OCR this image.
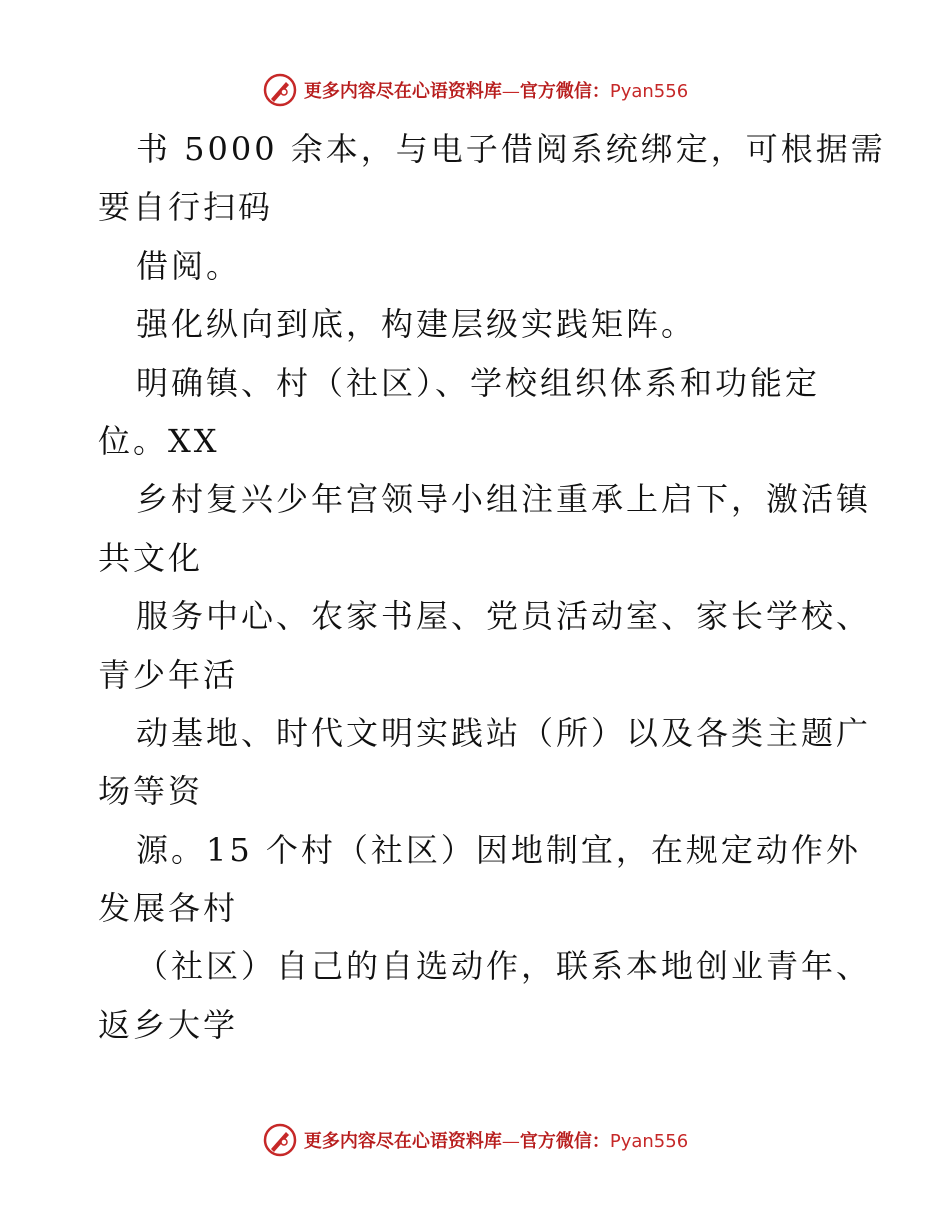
更多内容尽在心语资料库—官方微信：Pyan556
书 5000 余本，与电子借阅系统绑定，可根据需
要自行扫码
借阅。
强化纵向到底，构建层级实践矩阵。
明确镇、村（社区）、学校组织体系和功能定
位。XX
乡村复兴少年宫领导小组注重承上启下，激活镇
共文化
服务中心、农家书屋、党员活动室、家长学校、
青少年活
动基地、时代文明实践站（所）以及各类主题广
场等资
源。15 个村（社区）因地制宜，在规定动作外
发展各村
（社区）自己的自选动作，联系本地创业青年、
返乡大学
更多内容尽在心语资料库—官方微信：Pyan556
